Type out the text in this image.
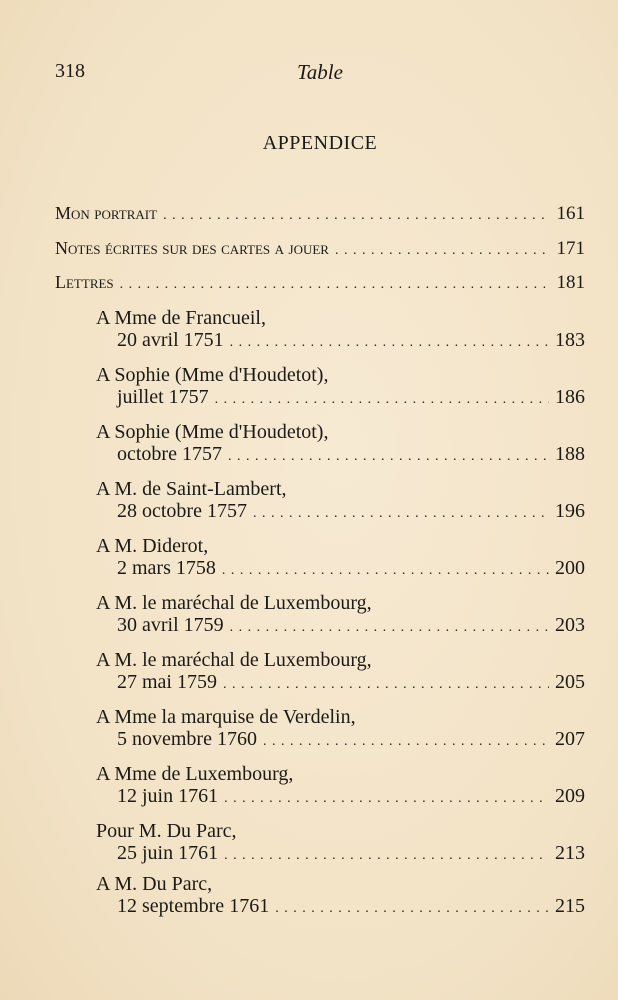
318	Table
APPENDICE
Mon portrait . . .	161
Notes écrites sur des cartes a jouer . . .	171
Lettres . . .	181
A Mme de Francueil,
20 avril 1751 . . .	183
A Sophie (Mme d'Houdetot),
juillet 1757 . . .	186
A Sophie (Mme d'Houdetot),
octobre 1757 . . .	188
A M. de Saint-Lambert,
28 octobre 1757 . . .	196
A M. Diderot,
2 mars 1758 . . .	200
A M. le maréchal de Luxembourg,
30 avril 1759 . . .	203
A M. le maréchal de Luxembourg,
27 mai 1759 . . .	205
A Mme la marquise de Verdelin,
5 novembre 1760 . . .	207
A Mme de Luxembourg,
12 juin 1761 . . .	209
Pour M. Du Parc,
25 juin 1761 . . .	213
A M. Du Parc,
12 septembre 1761 . . .	215
